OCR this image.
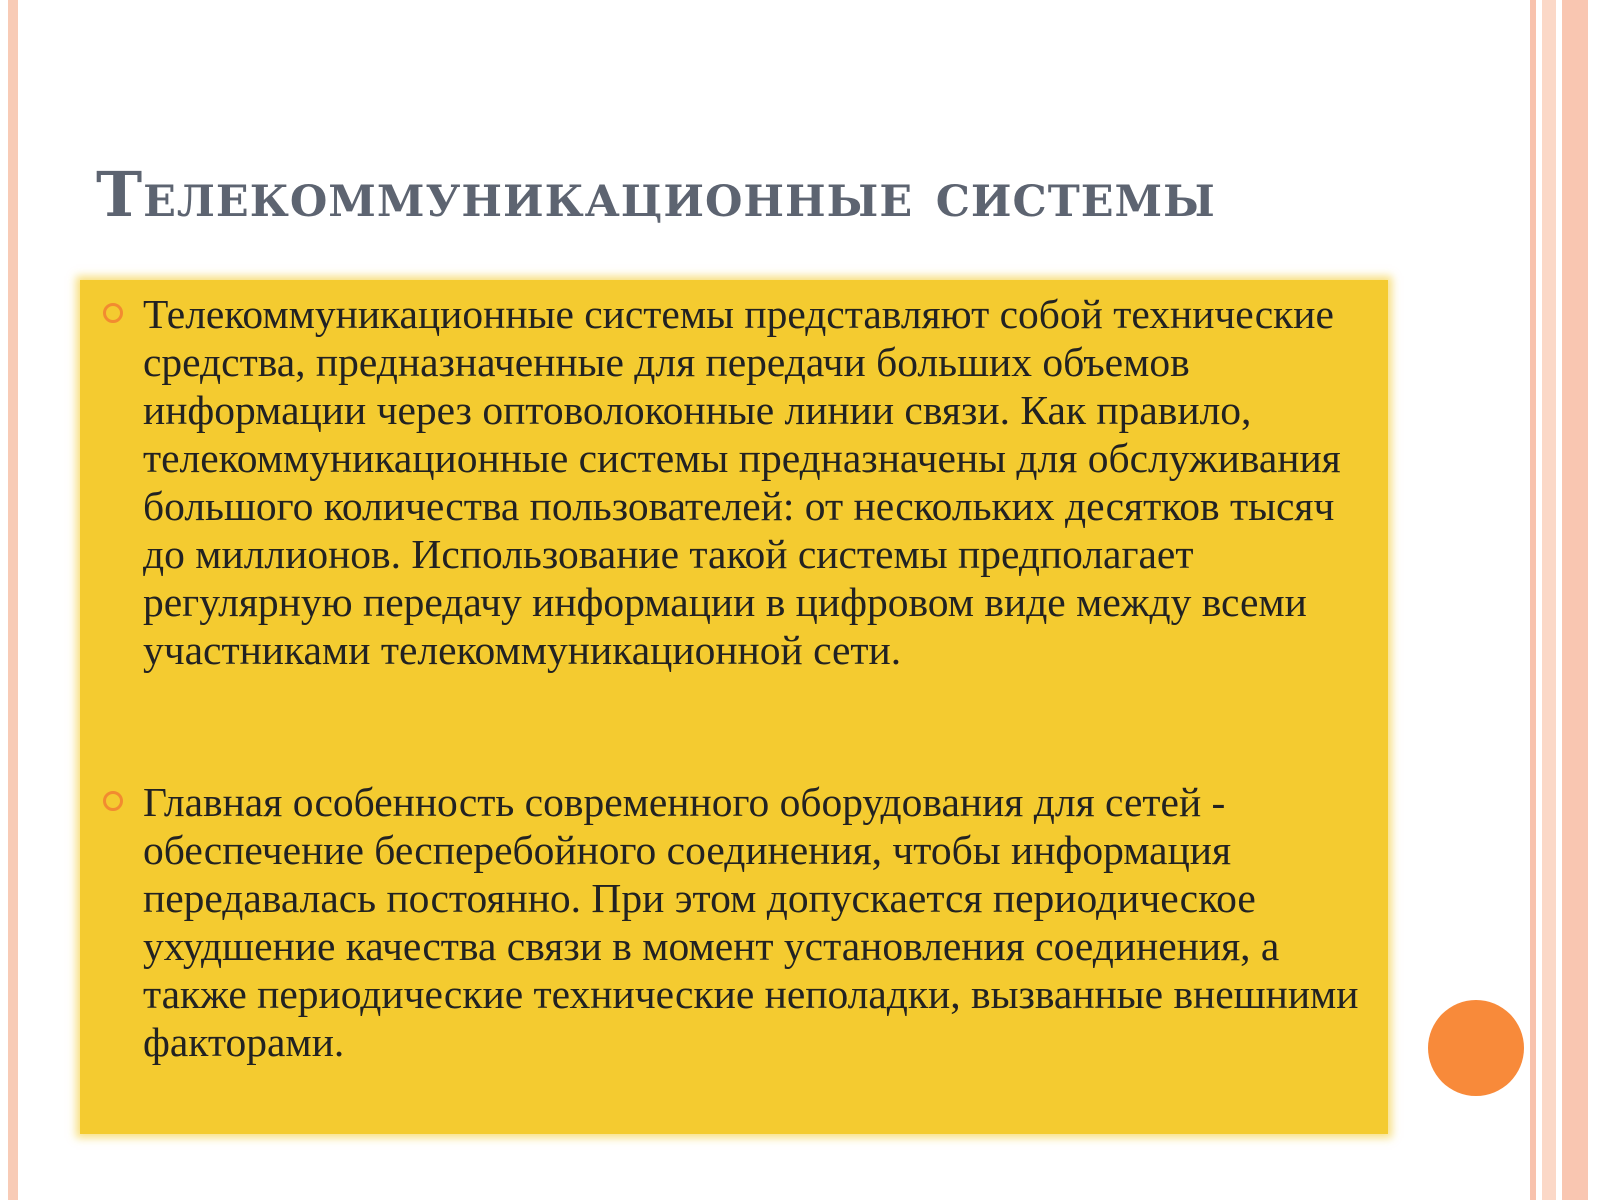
Телекоммуникационные системы

Телекоммуникационные системы представляют собой технические средства, предназначенные для передачи больших объемов информации через оптоволоконные линии связи. Как правило, телекоммуникационные системы предназначены для обслуживания большого количества пользователей: от нескольких десятков тысяч до миллионов. Использование такой системы предполагает регулярную передачу информации в цифровом виде между всеми участниками телекоммуникационной сети.

Главная особенность современного оборудования для сетей - обеспечение бесперебойного соединения, чтобы информация передавалась постоянно. При этом допускается периодическое ухудшение качества связи в момент установления соединения, а также периодические технические неполадки, вызванные внешними факторами.
